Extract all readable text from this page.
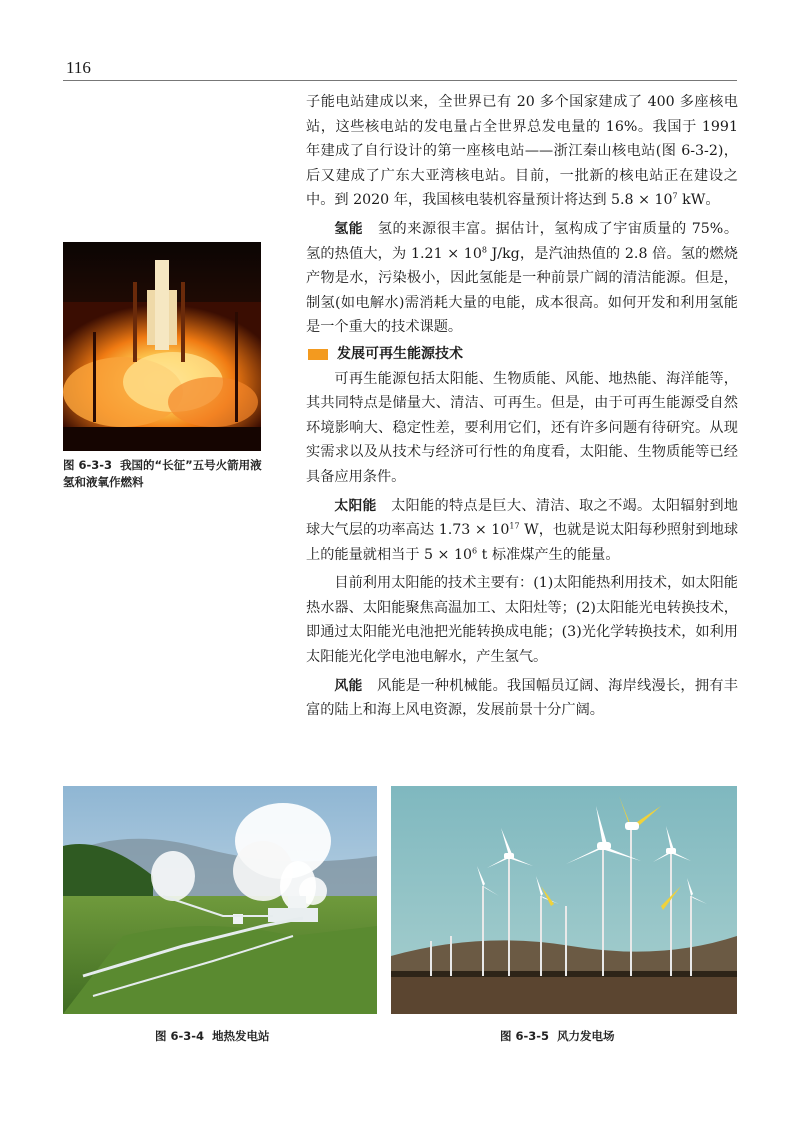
116

子能电站建成以来，全世界已有 20 多个国家建成了 400 多座核电站，这些核电站的发电量占全世界总发电量的 16%。我国于 1991 年建成了自行设计的第一座核电站——浙江秦山核电站(图 6-3-2)，后又建成了广东大亚湾核电站。目前，一批新的核电站正在建设之中。到 2020 年，我国核电装机容量预计将达到 $5.8 \times 10^7$ kW。

氢能　 氢的来源很丰富。据估计，氢构成了宇宙质量的 75%。氢的热值大，为 $1.21 \times 10^8$ J/kg，是汽油热值的 2.8 倍。氢的燃烧产物是水，污染极小，因此氢能是一种前景广阔的清洁能源。但是，制氢(如电解水)需消耗大量的电能，成本很高。如何开发和利用氢能是一个重大的技术课题。

发展可再生能源技术

可再生能源包括太阳能、生物质能、风能、地热能、海洋能等，其共同特点是储量大、清洁、可再生。但是，由于可再生能源受自然环境影响大、稳定性差，要利用它们，还有许多问题有待研究。从现实需求以及从技术与经济可行性的角度看，太阳能、生物质能等已经具备应用条件。

太阳能　 太阳能的特点是巨大、清洁、取之不竭。太阳辐射到地球大气层的功率高达 $1.73 \times 10^{17}$ W，也就是说太阳每秒照射到地球上的能量就相当于 $5 \times 10^6$ t 标准煤产生的能量。

目前利用太阳能的技术主要有：(1)太阳能热利用技术，如太阳能热水器、太阳能聚焦高温加工、太阳灶等；(2)太阳能光电转换技术，即通过太阳能光电池把光能转换成电能；(3)光化学转换技术，如利用太阳能光化学电池电解水，产生氢气。

风能　 风能是一种机械能。我国幅员辽阔、海岸线漫长，拥有丰富的陆上和海上风电资源，发展前景十分广阔。

图 6-3-3 我国的“长征”五号火箭用液氢和液氧作燃料
图 6-3-4 地热发电站	图 6-3-5 风力发电场
